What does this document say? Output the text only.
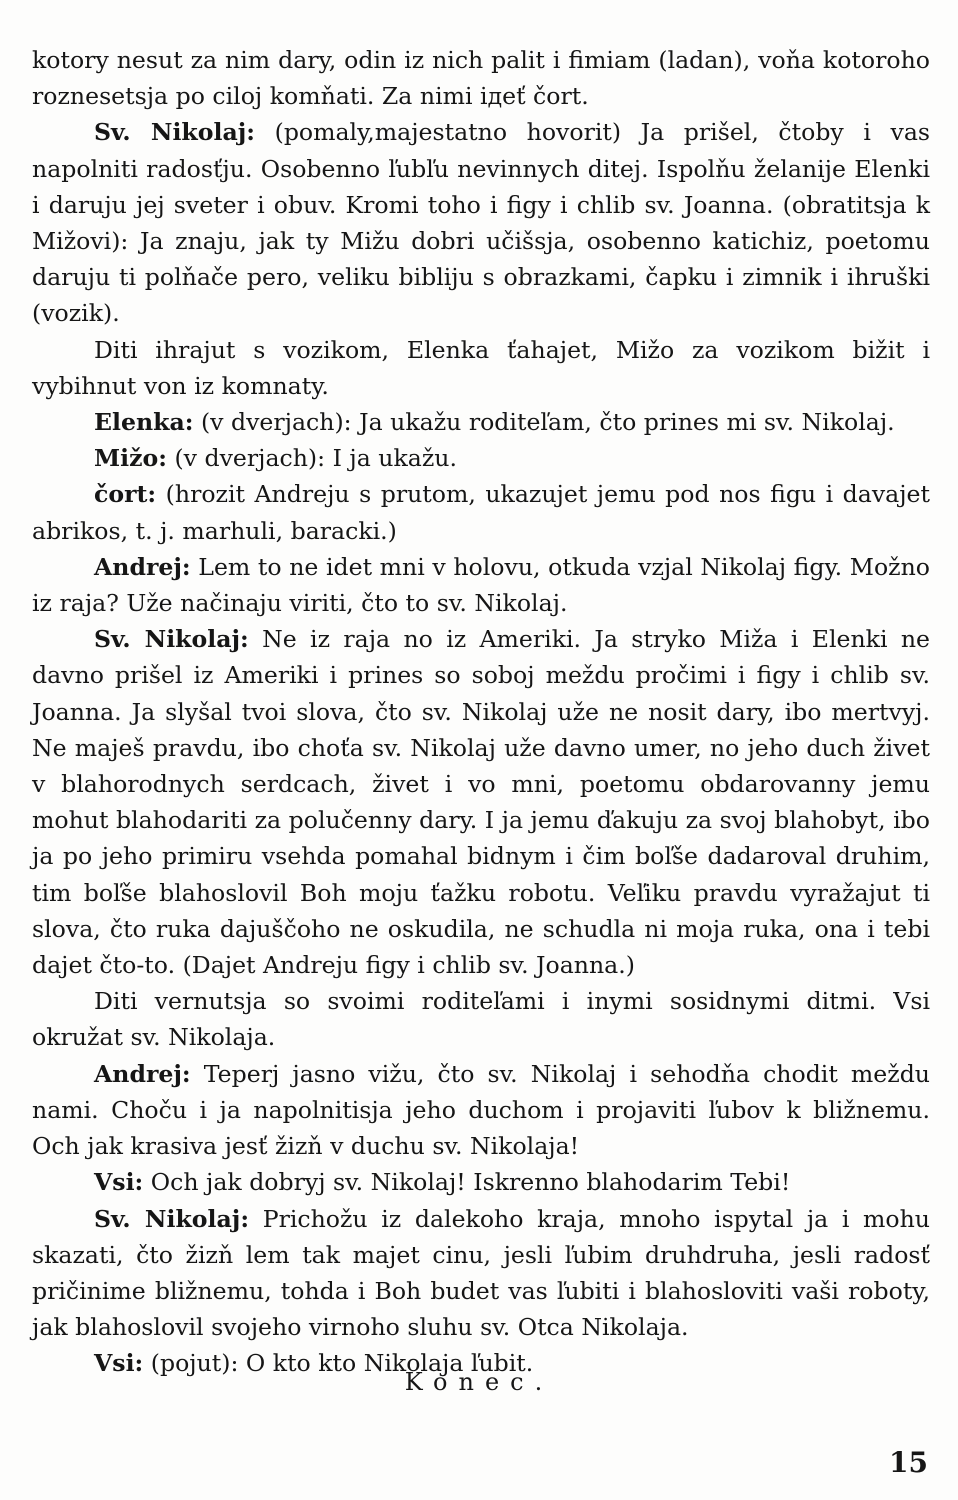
kotory nesut za nim dary, odin iz nich palit i fimiam (ladan), voňa kotoroho roznesetsja po ciloj komňati. Za nimi ідеť čort.

Sv. Nikolaj: (pomaly,majestatno hovorit) Ja prišel, čtoby i vas napolniti radosťju. Osobenno ľubľu nevinnych ditej. Ispolňu želanije Elenki i daruju jej sveter i obuv. Kromi toho i figy i chlib sv. Joanna. (obratitsja k Mižovi): Ja znaju, jak ty Mižu dobri učišsja, osobenno katichiz, poetomu daruju ti polňače pero, veliku bibliju s obrazkami, čapku i zimnik i ihruški (vozik).

Diti ihrajut s vozikom, Elenka ťahajet, Mižo za vozikom bižit i vybihnut von iz komnaty.

Elenka: (v dverjach): Ja ukažu roditeľam, čto prines mi sv. Nikolaj.

Mižo: (v dverjach): I ja ukažu.

čort: (hrozit Andreju s prutom, ukazujet jemu pod nos figu i davajet abrikos, t. j. marhuli, baracki.)

Andrej: Lem to ne idet mni v holovu, otkuda vzjal Nikolaj figy. Možno iz raja? Uže načinaju viriti, čto to sv. Nikolaj.

Sv. Nikolaj: Ne iz raja no iz Ameriki. Ja stryko Miža i Elenki ne davno prišel iz Ameriki i prines so soboj meždu pročimi i figy i chlib sv. Joanna. Ja slyšal tvoi slova, čto sv. Nikolaj uže ne nosit dary, ibo mertvyj. Ne maješ pravdu, ibo choťa sv. Nikolaj uže davno umer, no jeho duch živet v blahorodnych serdcach, živet i vo mni, poetomu obdarovanny jemu mohut blahodariti za polučenny dary. I ja jemu ďakuju za svoj blahobyt, ibo ja po jeho primiru vsehda pomahal bidnym i čim boľše dadaroval druhim, tim boľše blahoslovil Boh moju ťažku robotu. Veľiku pravdu vyražajut ti slova, čto ruka dajuščoho ne oskudila, ne schudla ni moja ruka, ona i tebi dajet čto-to. (Dajet Andreju figy i chlib sv. Joanna.)

Diti vernutsja so svoimi roditeľami i inymi sosidnymi ditmi. Vsi okružat sv. Nikolaja.

Andrej: Teperj jasno vižu, čto sv. Nikolaj i sehodňa chodit meždu nami. Choču i ja napolnitisja jeho duchom i projaviti ľubov k bližnemu. Och jak krasiva jesť žizň v duchu sv. Nikolaja!

Vsi: Och jak dobryj sv. Nikolaj! Iskrenno blahodarim Tebi!

Sv. Nikolaj: Prichožu iz dalekoho kraja, mnoho ispytal ja i mohu skazati, čto žizň lem tak majet cinu, jesli ľubim druhdruha, jesli radosť pričinime bližnemu, tohda i Boh budet vas ľubiti i blahosloviti vaši roboty, jak blahoslovil svojeho virnoho sluhu sv. Otca Nikolaja.

Vsi: (pojut): O kto kto Nikolaja ľubit.

Konec.
15
